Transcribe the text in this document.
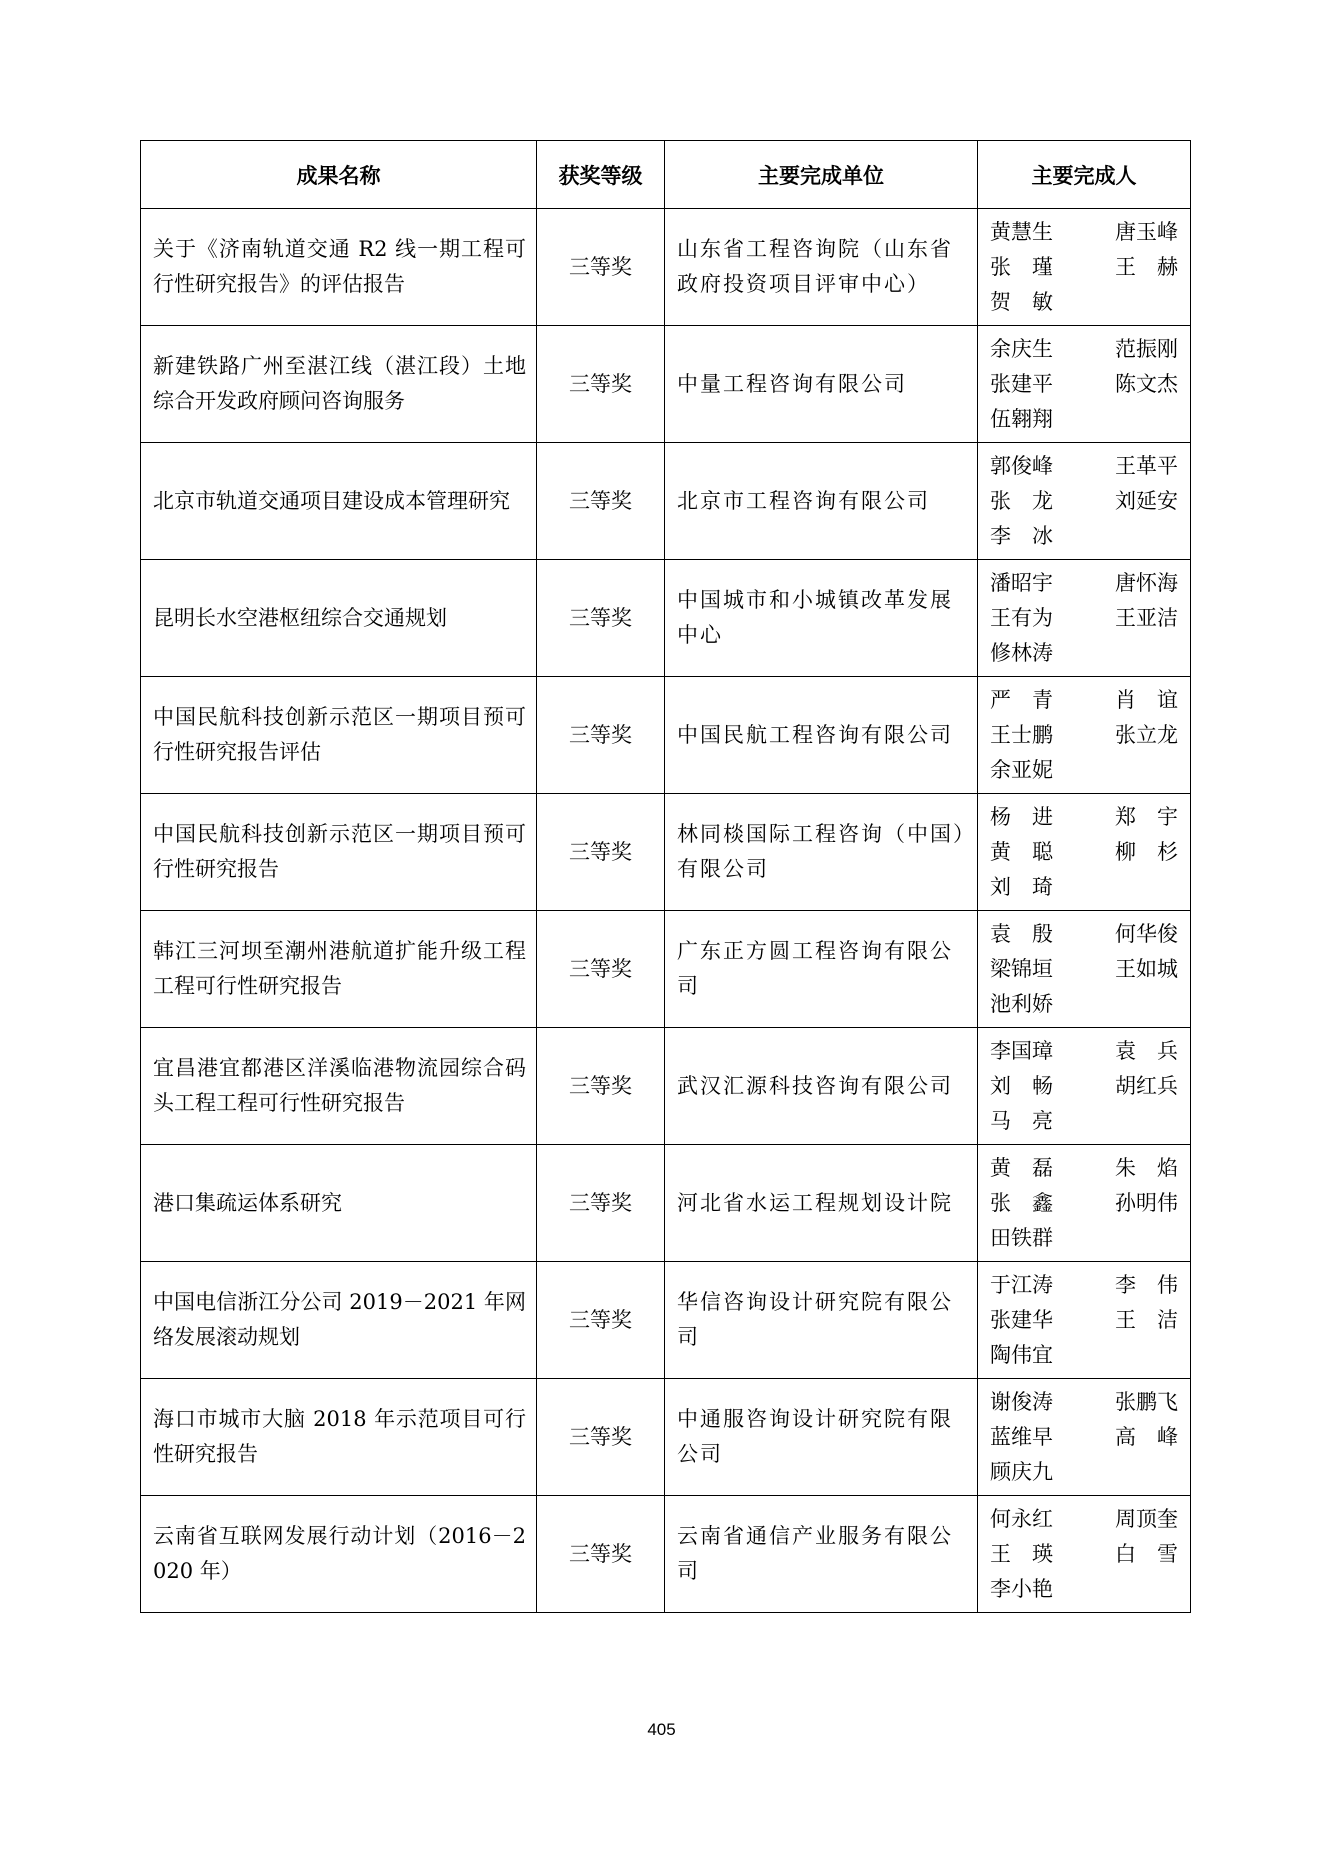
成果名称	获奖等级	主要完成单位	主要完成人
关于《济南轨道交通 R2 线一期工程可行性研究报告》的评估报告	三等奖	山东省工程咨询院（山东省政府投资项目评审中心）	黄慧生 唐玉峰
张　瑾 王　赫
贺　敏

新建铁路广州至湛江线（湛江段）土地综合开发政府顾问咨询服务	三等奖	中量工程咨询有限公司	余庆生 范振刚
张建平 陈文杰
伍翱翔

北京市轨道交通项目建设成本管理研究	三等奖	北京市工程咨询有限公司	郭俊峰 王革平
张　龙 刘延安
李　冰

昆明长水空港枢纽综合交通规划	三等奖	中国城市和小城镇改革发展中心	潘昭宇 唐怀海
王有为 王亚洁
修林涛

中国民航科技创新示范区一期项目预可行性研究报告评估	三等奖	中国民航工程咨询有限公司	严　青 肖　谊
王士鹏 张立龙
余亚妮

中国民航科技创新示范区一期项目预可行性研究报告	三等奖	林同棪国际工程咨询（中国）有限公司	杨　进 郑　宇
黄　聪 柳　杉
刘　琦

韩江三河坝至潮州港航道扩能升级工程工程可行性研究报告	三等奖	广东正方圆工程咨询有限公司	袁　殷 何华俊
梁锦垣 王如城
池利娇

宜昌港宜都港区洋溪临港物流园综合码头工程工程可行性研究报告	三等奖	武汉汇源科技咨询有限公司	李国璋 袁　兵
刘　畅 胡红兵
马　亮

港口集疏运体系研究	三等奖	河北省水运工程规划设计院	黄　磊 朱　焰
张　鑫 孙明伟
田铁群

中国电信浙江分公司 2019－2021 年网络发展滚动规划	三等奖	华信咨询设计研究院有限公司	于江涛 李　伟
张建华 王　洁
陶伟宜

海口市城市大脑 2018 年示范项目可行性研究报告	三等奖	中通服咨询设计研究院有限公司	谢俊涛 张鹏飞
蓝维早 高　峰
顾庆九

云南省互联网发展行动计划（2016－2020 年）	三等奖	云南省通信产业服务有限公司	何永红 周顶奎
王　瑛 白　雪
李小艳
405
